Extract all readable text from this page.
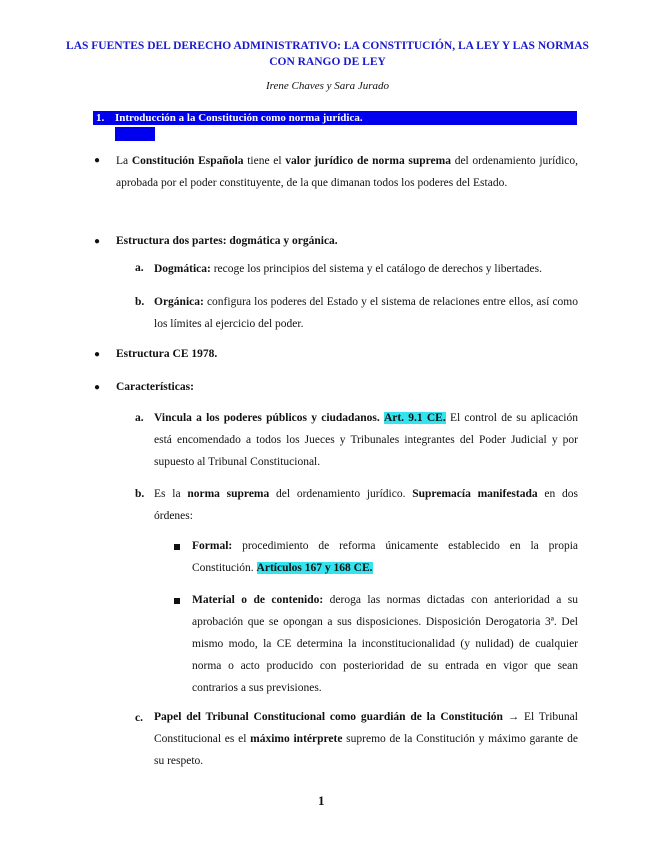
LAS FUENTES DEL DERECHO ADMINISTRATIVO: LA CONSTITUCIÓN, LA LEY Y LAS NORMAS CON RANGO DE LEY
Irene Chaves y Sara Jurado
1. Introducción a la Constitución como norma jurídica.
● La Constitución Española tiene el valor jurídico de norma suprema del ordenamiento jurídico, aprobada por el poder constituyente, de la que dimanan todos los poderes del Estado.
● Estructura dos partes: dogmática y orgánica.
a. Dogmática: recoge los principios del sistema y el catálogo de derechos y libertades.
b. Orgánica: configura los poderes del Estado y el sistema de relaciones entre ellos, así como los límites al ejercicio del poder.
● Estructura CE 1978.
● Características:
a. Vincula a los poderes públicos y ciudadanos. Art. 9.1 CE. El control de su aplicación está encomendado a todos los Jueces y Tribunales integrantes del Poder Judicial y por supuesto al Tribunal Constitucional.
b. Es la norma suprema del ordenamiento jurídico. Supremacía manifestada en dos órdenes:
Formal: procedimiento de reforma únicamente establecido en la propia Constitución. Artículos 167 y 168 CE.
Material o de contenido: deroga las normas dictadas con anterioridad a su aprobación que se opongan a sus disposiciones. Disposición Derogatoria 3ª. Del mismo modo, la CE determina la inconstitucionalidad (y nulidad) de cualquier norma o acto producido con posterioridad de su entrada en vigor que sean contrarios a sus previsiones.
c. Papel del Tribunal Constitucional como guardián de la Constitución → El Tribunal Constitucional es el máximo intérprete supremo de la Constitución y máximo garante de su respeto.
1
